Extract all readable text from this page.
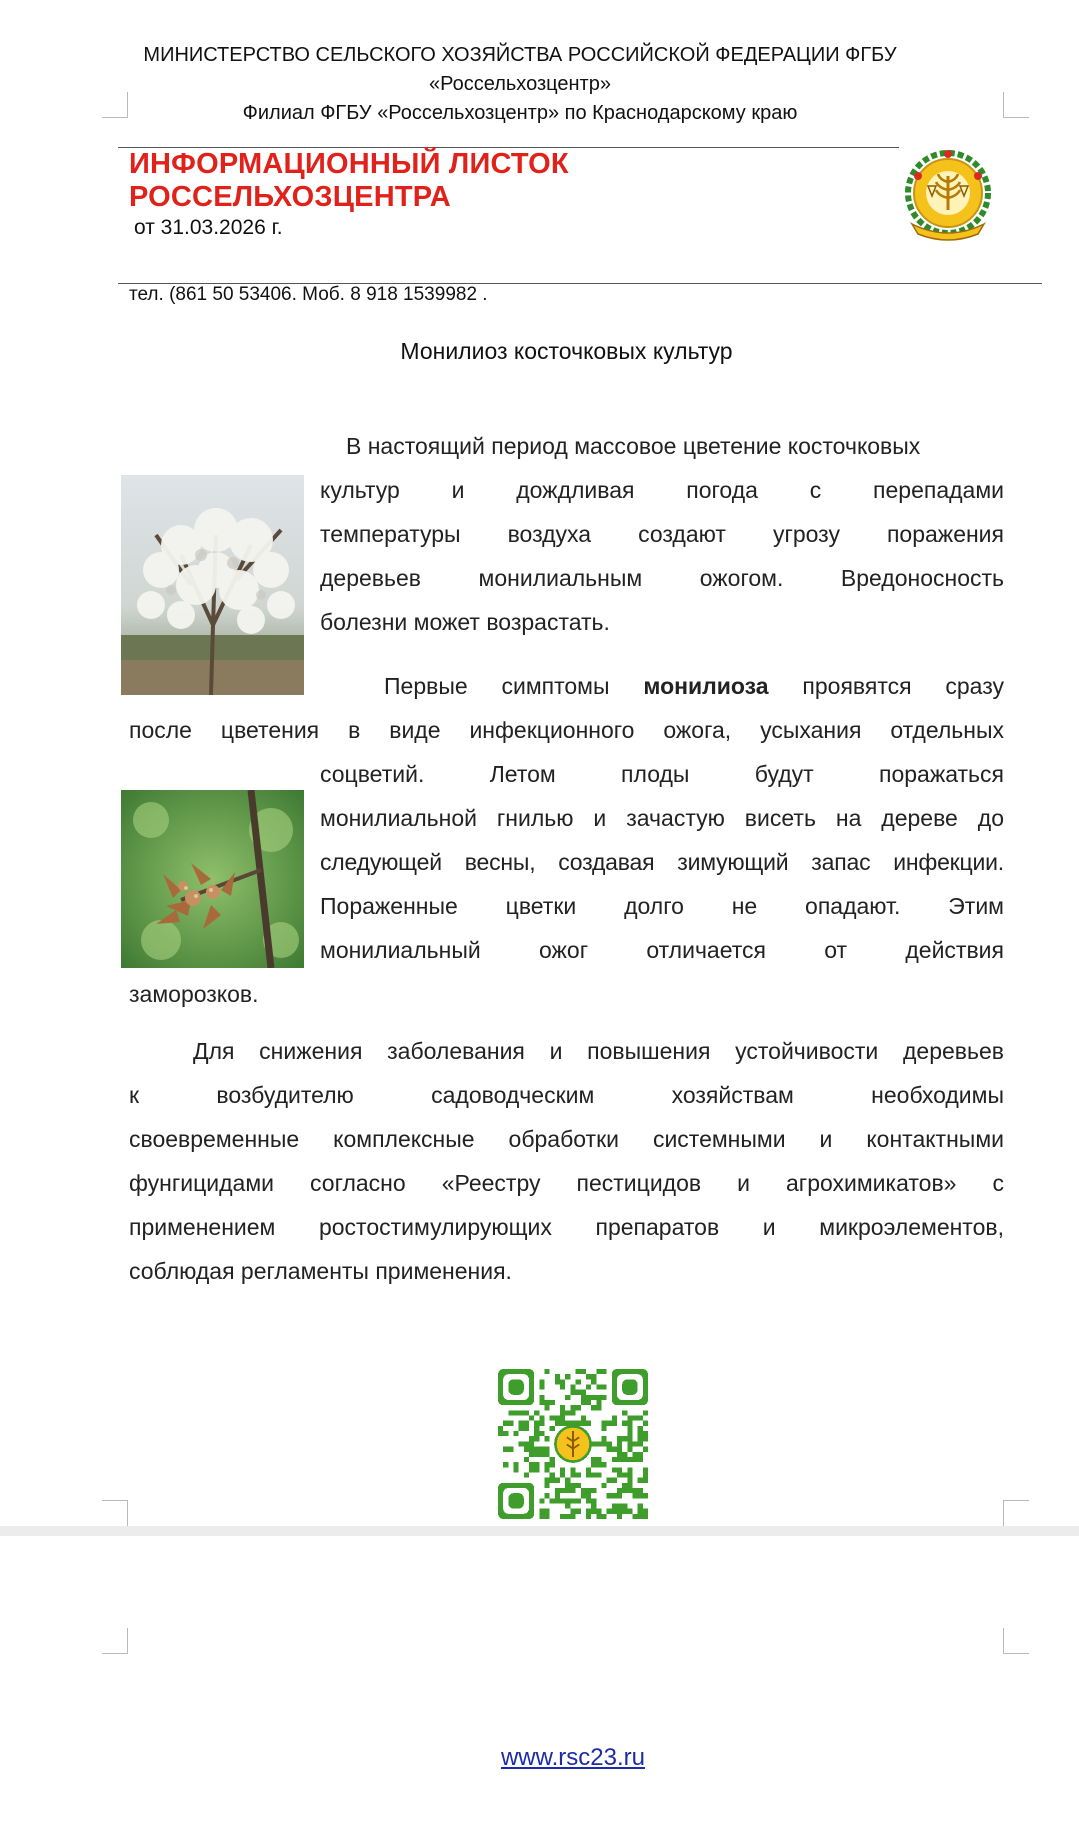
МИНИСТЕРСТВО СЕЛЬСКОГО ХОЗЯЙСТВА РОССИЙСКОЙ ФЕДЕРАЦИИ ФГБУ
«Россельхозцентр»
Филиал ФГБУ «Россельхозцентр» по Краснодарскому краю
ИНФОРМАЦИОННЫЙ ЛИСТОК
РОССЕЛЬХОЗЦЕНТРА
от 31.03.2026 г.
тел. (861 50 53406. Моб. 8 918 1539982 .
Монилиоз косточковых культур
В настоящий период массовое цветение косточковых
культур и дождливая погода с перепадами
температуры воздуха создают угрозу поражения
деревьев монилиальным ожогом. Вредоносность
болезни может возрастать.
Первые симптомы монилиоза проявятся сразу
после цветения в виде инфекционного ожога, усыхания отдельных
соцветий. Летом плоды будут поражаться
монилиальной гнилью и зачастую висеть на дереве до
следующей весны, создавая зимующий запас инфекции.
Пораженные цветки долго не опадают. Этим
монилиальный ожог отличается от действия
заморозков.
Для снижения заболевания и повышения устойчивости деревьев
к возбудителю садоводческим хозяйствам необходимы
своевременные комплексные обработки системными и контактными
фунгицидами согласно «Реестру пестицидов и агрохимикатов» с
применением ростостимулирующих препаратов и микроэлементов,
соблюдая регламенты применения.
www.rsc23.ru
